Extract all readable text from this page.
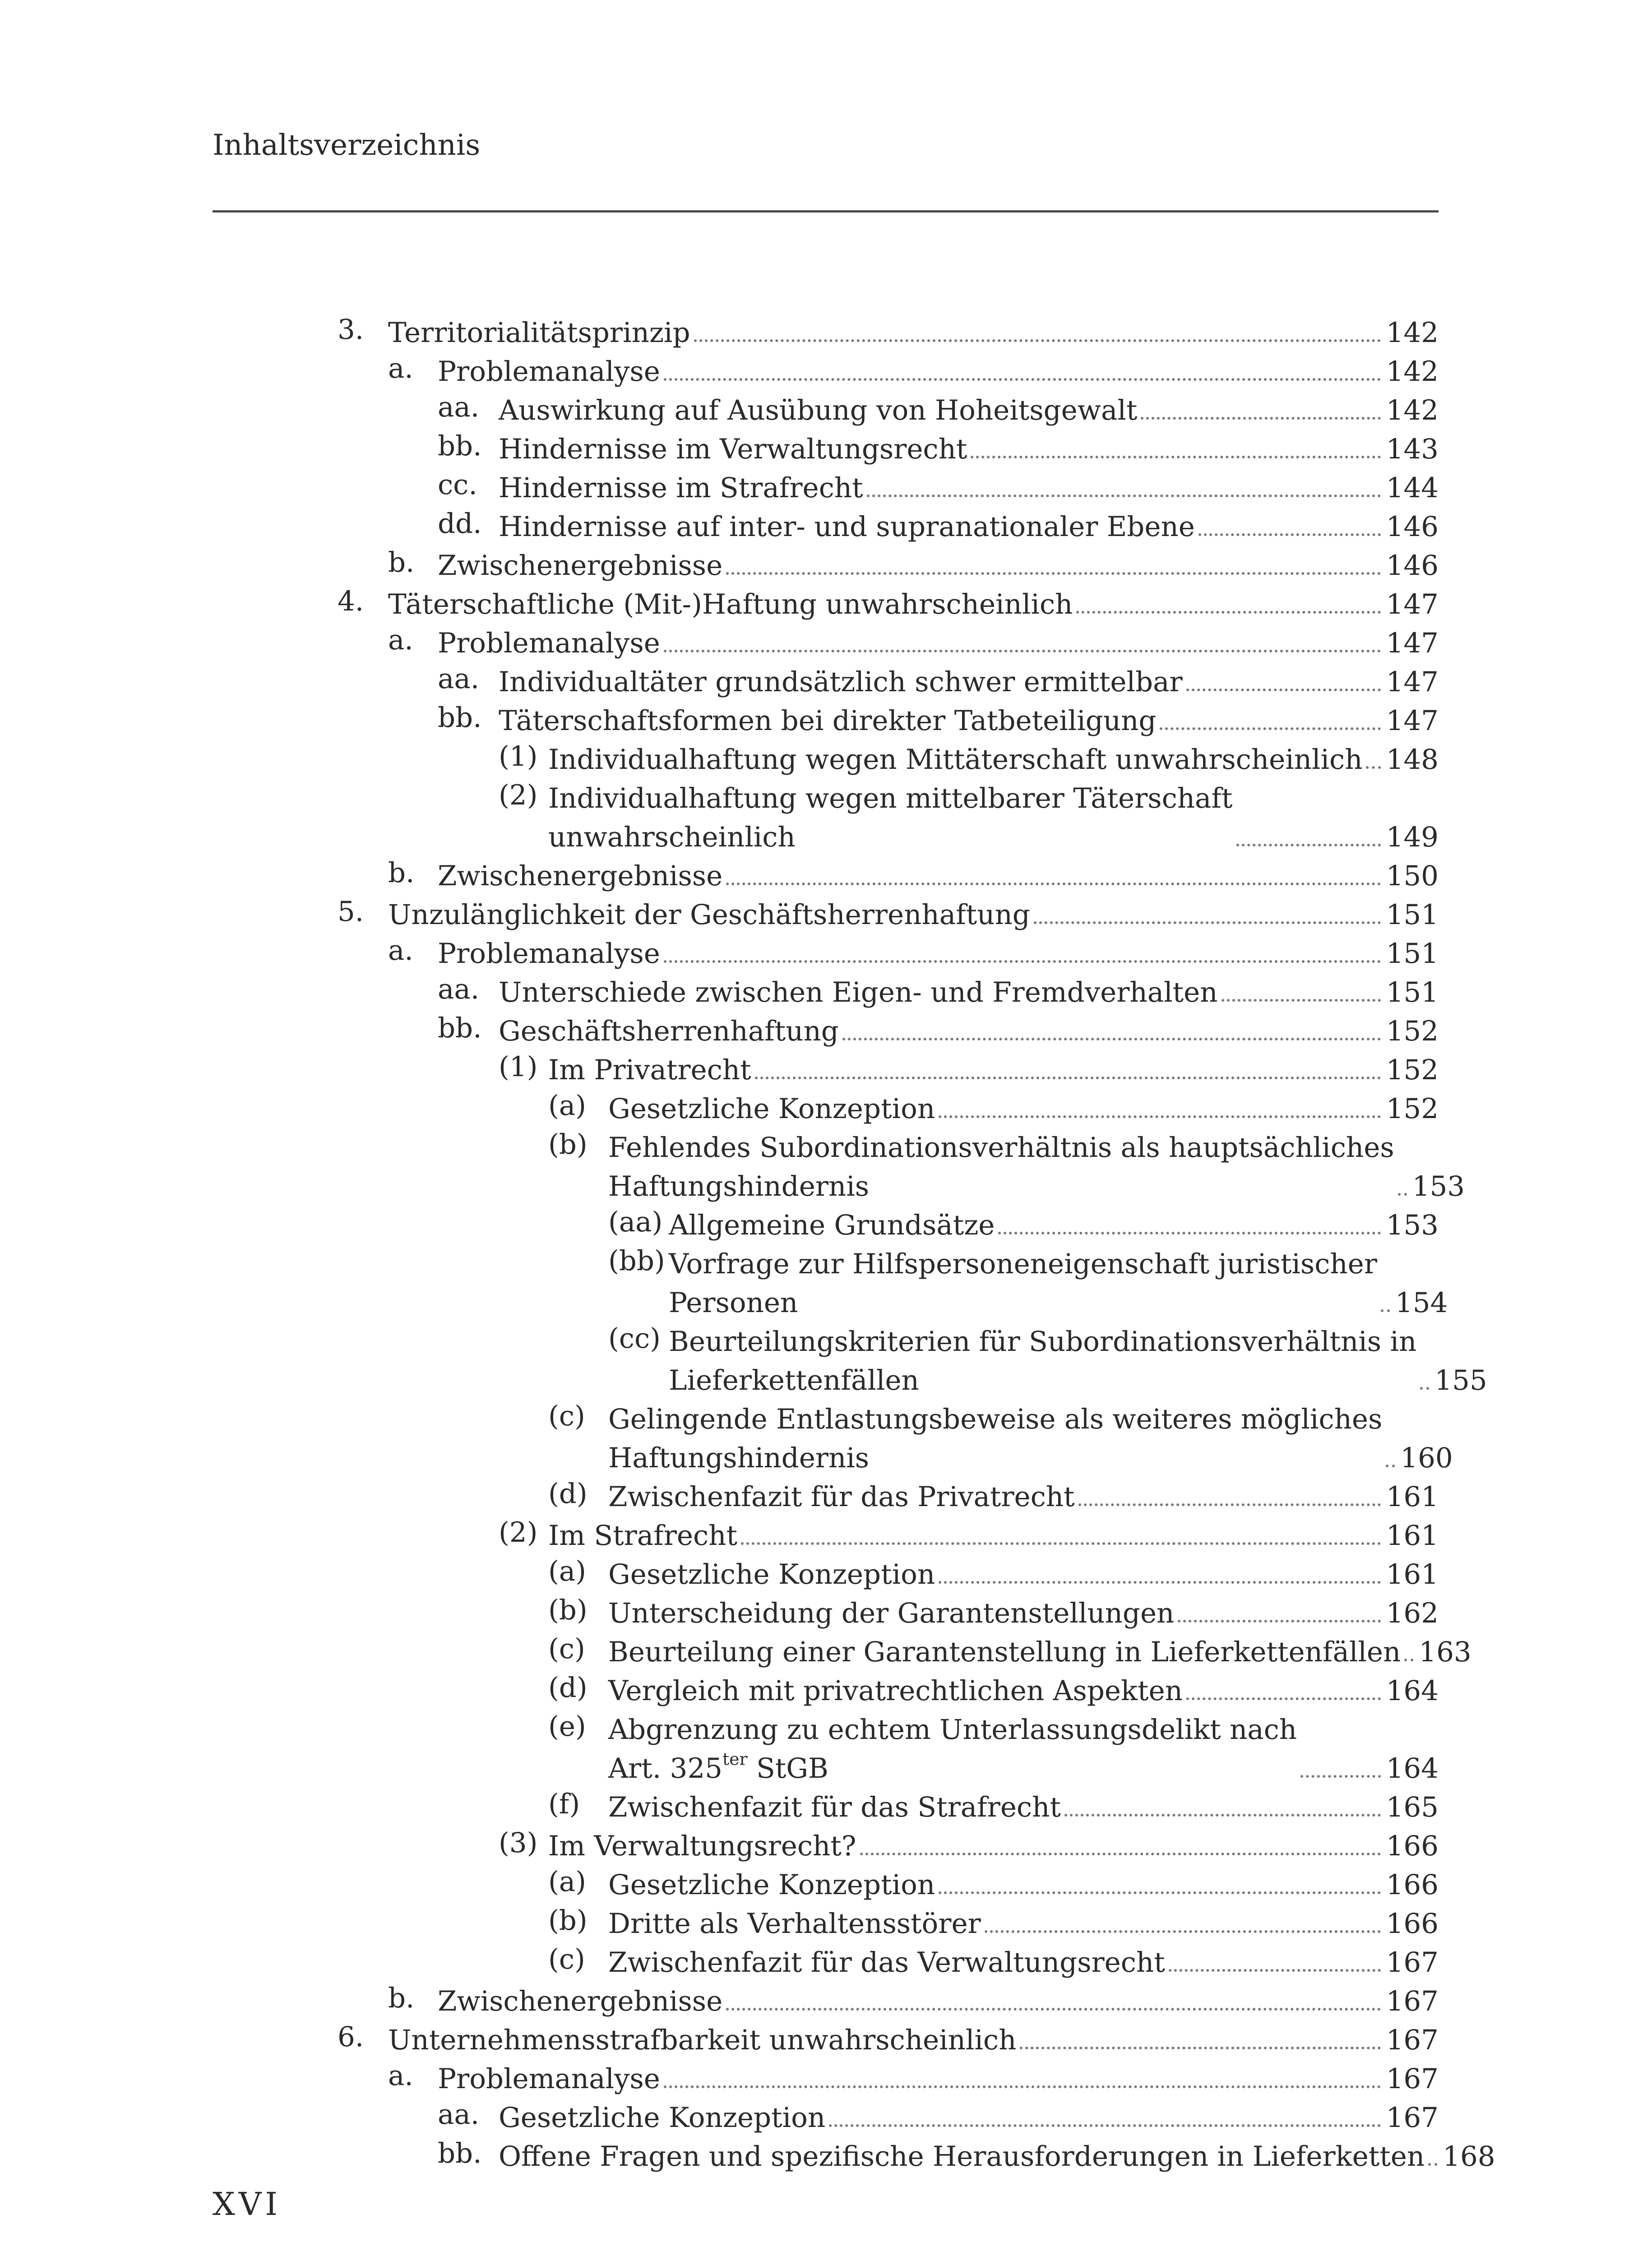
Inhaltsverzeichnis
3. Territorialitätsprinzip	142
a. Problemanalyse	142
aa. Auswirkung auf Ausübung von Hoheitsgewalt	142
bb. Hindernisse im Verwaltungsrecht	143
cc. Hindernisse im Strafrecht	144
dd. Hindernisse auf inter- und supranationaler Ebene	146
b. Zwischenergebnisse	146
4. Täterschaftliche (Mit-)Haftung unwahrscheinlich	147
a. Problemanalyse	147
aa. Individualtäter grundsätzlich schwer ermittelbar	147
bb. Täterschaftsformen bei direkter Tatbeteiligung	147
(1) Individualhaftung wegen Mittäterschaft unwahrscheinlich 148
(2) Individualhaftung wegen mittelbarer Täterschaft
unwahrscheinlich	149
b. Zwischenergebnisse	150
5. Unzulänglichkeit der Geschäftsherrenhaftung	151
a. Problemanalyse	151
aa. Unterschiede zwischen Eigen- und Fremdverhalten	151
bb. Geschäftsherrenhaftung	152
(1) Im Privatrecht	152
(a) Gesetzliche Konzeption	152
(b) Fehlendes Subordinationsverhältnis als hauptsächliches
Haftungshindernis	153
(aa) Allgemeine Grundsätze	153
(bb) Vorfrage zur Hilfspersoneneigenschaft juristischer
Personen	154
(cc) Beurteilungskriterien für Subordinationsverhältnis in
Lieferkettenfällen	155
(c) Gelingende Entlastungsbeweise als weiteres mögliches
Haftungshindernis	160
(d) Zwischenfazit für das Privatrecht	161
(2) Im Strafrecht	161
(a) Gesetzliche Konzeption	161
(b) Unterscheidung der Garantenstellungen	162
(c) Beurteilung einer Garantenstellung in Lieferkettenfällen 163
(d) Vergleich mit privatrechtlichen Aspekten	164
(e) Abgrenzung zu echtem Unterlassungsdelikt nach
Art. $325^{ter}$ StGB	164
(f) Zwischenfazit für das Strafrecht	165
(3) Im Verwaltungsrecht?	166
(a) Gesetzliche Konzeption	166
(b) Dritte als Verhaltensstörer	166
(c) Zwischenfazit für das Verwaltungsrecht	167
b. Zwischenergebnisse	167
6. Unternehmensstrafbarkeit unwahrscheinlich	167
a. Problemanalyse	167
aa. Gesetzliche Konzeption	167
bb. Offene Fragen und spezifische Herausforderungen in Lieferketten 168
XVI
